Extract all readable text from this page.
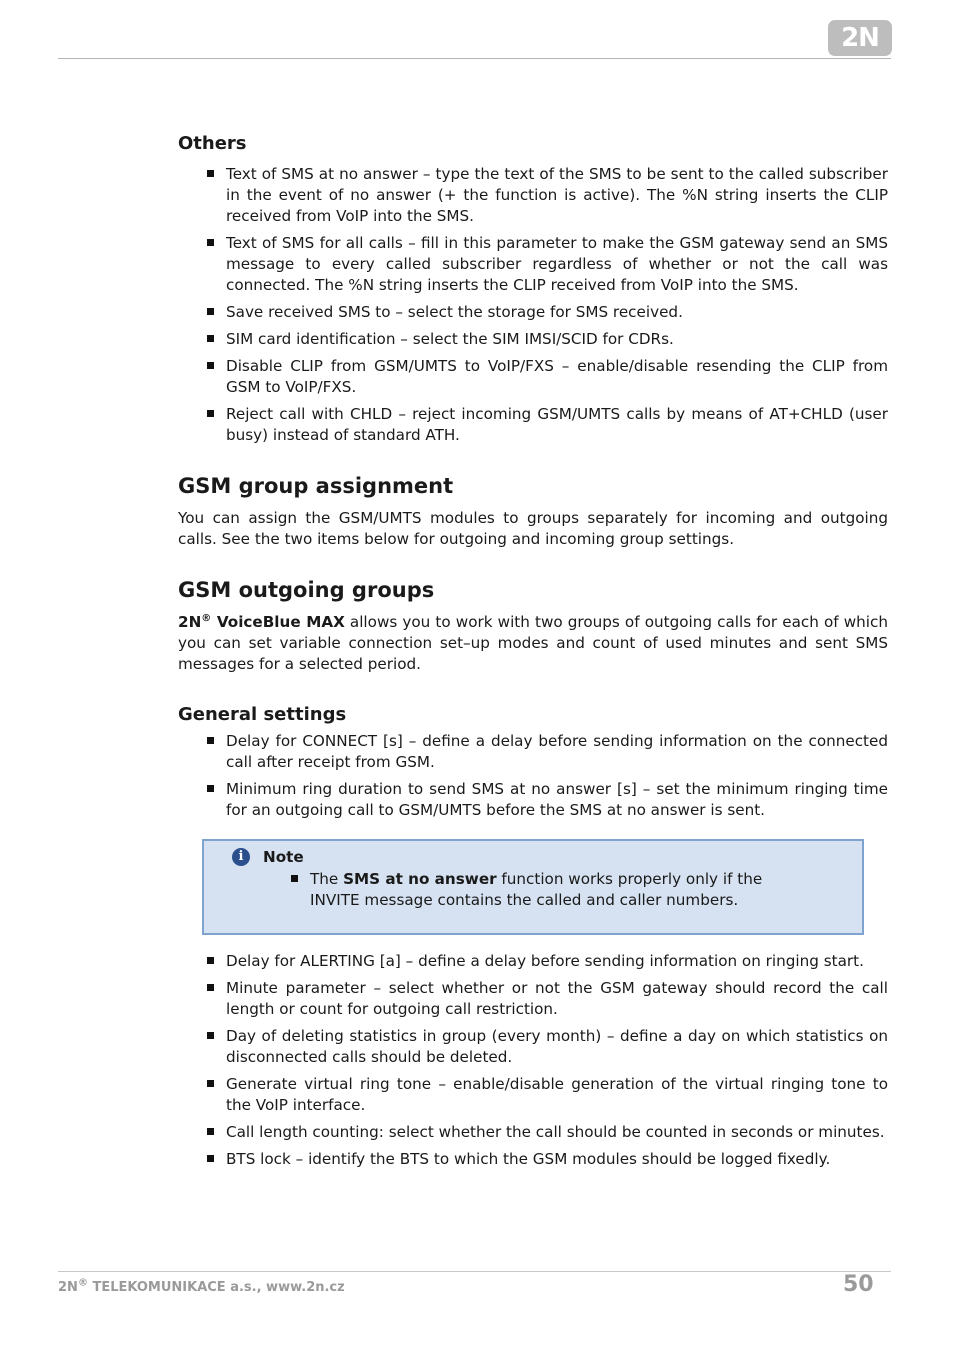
2N
Others
Text of SMS at no answer – type the text of the SMS to be sent to the called subscriber in the event of no answer (+ the function is active). The %N string inserts the CLIP received from VoIP into the SMS.
Text of SMS for all calls – fill in this parameter to make the GSM gateway send an SMS message to every called subscriber regardless of whether or not the call was connected. The %N string inserts the CLIP received from VoIP into the SMS.
Save received SMS to – select the storage for SMS received.
SIM card identification – select the SIM IMSI/SCID for CDRs.
Disable CLIP from GSM/UMTS to VoIP/FXS – enable/disable resending the CLIP from GSM to VoIP/FXS.
Reject call with CHLD – reject incoming GSM/UMTS calls by means of AT+CHLD (user busy) instead of standard ATH.
GSM group assignment

You can assign the GSM/UMTS modules to groups separately for incoming and outgoing calls. See the two items below for outgoing and incoming group settings.

GSM outgoing groups

2N® VoiceBlue MAX allows you to work with two groups of outgoing calls for each of which you can set variable connection set–up modes and count of used minutes and sent SMS messages for a selected period.

General settings
Delay for CONNECT [s] – define a delay before sending information on the connected call after receipt from GSM.
Minimum ring duration to send SMS at no answer [s] – set the minimum ringing time for an outgoing call to GSM/UMTS before the SMS at no answer is sent.
i	Note
The SMS at no answer function works properly only if the INVITE message contains the called and caller numbers.
Delay for ALERTING [a] – define a delay before sending information on ringing start.
Minute parameter – select whether or not the GSM gateway should record the call length or count for outgoing call restriction.
Day of deleting statistics in group (every month) – define a day on which statistics on disconnected calls should be deleted.
Generate virtual ring tone – enable/disable generation of the virtual ringing tone to the VoIP interface.
Call length counting: select whether the call should be counted in seconds or minutes.
BTS lock – identify the BTS to which the GSM modules should be logged fixedly.
2N® TELEKOMUNIKACE a.s., www.2n.cz	50
